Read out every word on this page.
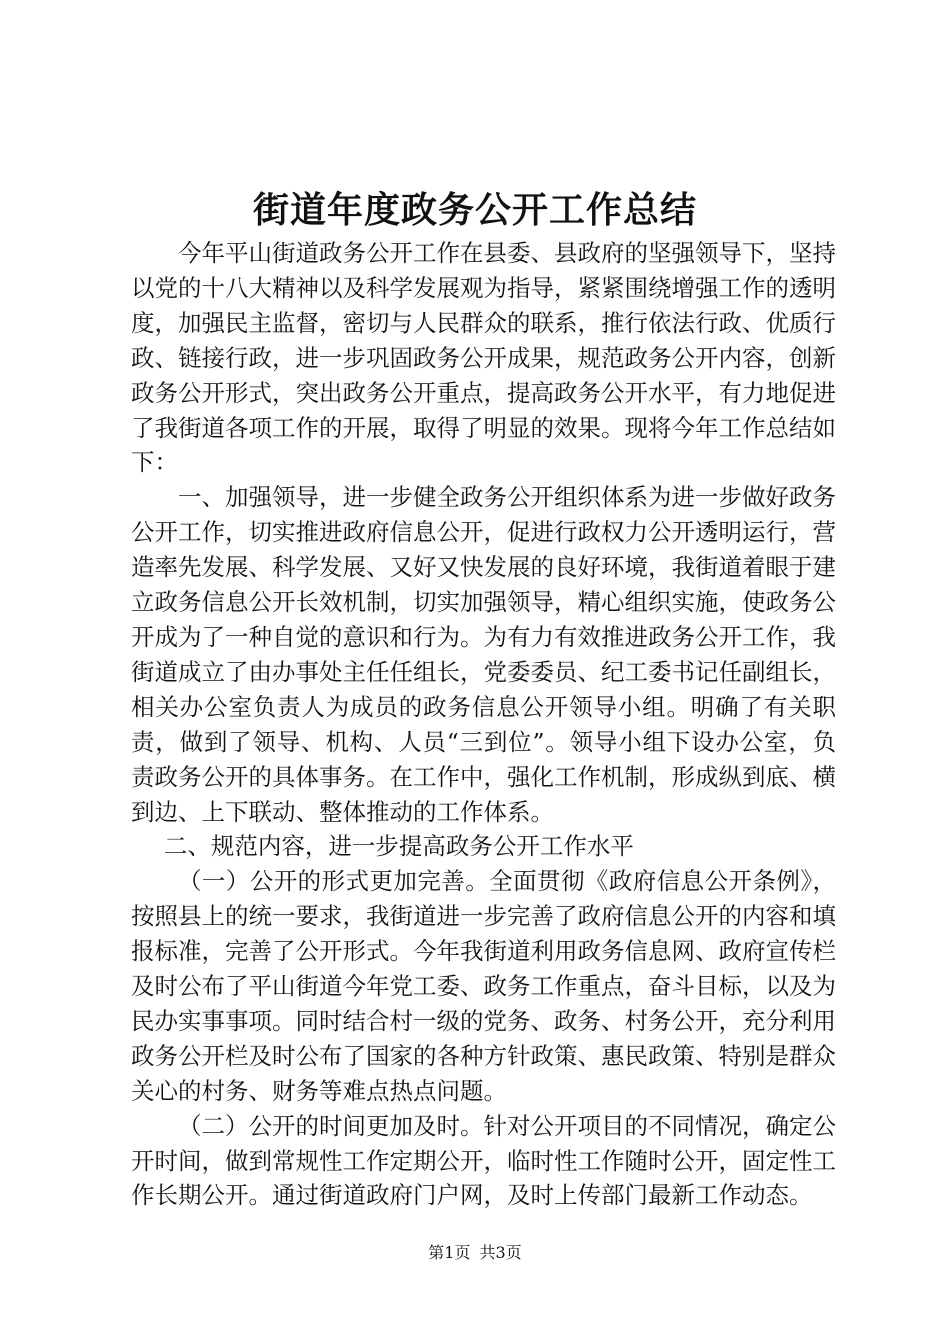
街道年度政务公开工作总结

今年平山街道政务公开工作在县委、县政府的坚强领导下，坚持以党的十八大精神以及科学发展观为指导，紧紧围绕增强工作的透明度，加强民主监督，密切与人民群众的联系，推行依法行政、优质行政、链接行政，进一步巩固政务公开成果，规范政务公开内容，创新政务公开形式，突出政务公开重点，提高政务公开水平，有力地促进了我街道各项工作的开展，取得了明显的效果。现将今年工作总结如下：

一、加强领导，进一步健全政务公开组织体系为进一步做好政务公开工作，切实推进政府信息公开，促进行政权力公开透明运行，营造率先发展、科学发展、又好又快发展的良好环境，我街道着眼于建立政务信息公开长效机制，切实加强领导，精心组织实施，使政务公开成为了一种自觉的意识和行为。为有力有效推进政务公开工作，我街道成立了由办事处主任任组长，党委委员、纪工委书记任副组长，相关办公室负责人为成员的政务信息公开领导小组。明确了有关职责，做到了领导、机构、人员“三到位”。领导小组下设办公室，负责政务公开的具体事务。在工作中，强化工作机制，形成纵到底、横到边、上下联动、整体推动的工作体系。

二、规范内容，进一步提高政务公开工作水平

（一）公开的形式更加完善。全面贯彻《政府信息公开条例》，按照县上的统一要求，我街道进一步完善了政府信息公开的内容和填报标准，完善了公开形式。今年我街道利用政务信息网、政府宣传栏及时公布了平山街道今年党工委、政务工作重点，奋斗目标，以及为民办实事事项。同时结合村一级的党务、政务、村务公开，充分利用政务公开栏及时公布了国家的各种方针政策、惠民政策、特别是群众关心的村务、财务等难点热点问题。

（二）公开的时间更加及时。针对公开项目的不同情况，确定公开时间，做到常规性工作定期公开，临时性工作随时公开，固定性工作长期公开。通过街道政府门户网，及时上传部门最新工作动态。

第1页 共3页
